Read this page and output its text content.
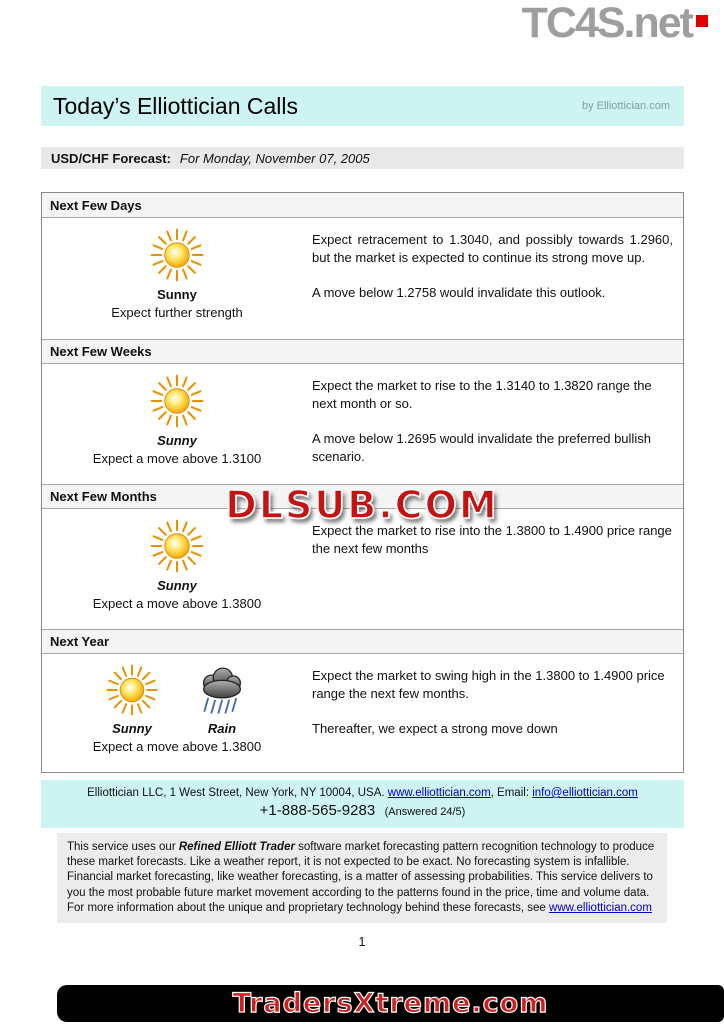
TC4S.net
Today’s Elliottician Calls	by Elliottician.com
USD/CHF Forecast: For Monday, November 07, 2005
Next Few Days
Sunny
Expect further strength

Expect retracement to 1.3040, and possibly towards 1.2960, but the market is expected to continue its strong move up.

A move below 1.2758 would invalidate this outlook.

Next Few Weeks
Sunny
Expect a move above 1.3100

Expect the market to rise to the 1.3140 to 1.3820 range the next month or so.

A move below 1.2695 would invalidate the preferred bullish scenario.

Next Few Months
Sunny
Expect a move above 1.3800

Expect the market to rise into the 1.3800 to 1.4900 price range the next few months

Next Year
Sunny	Rain
Expect a move above 1.3800

Expect the market to swing high in the 1.3800 to 1.4900 price range the next few months.

Thereafter, we expect a strong move down

Elliottician LLC, 1 West Street, New York, NY 10004, USA. www.elliottician.com, Email: info@elliottician.com
+1-888-565-9283 (Answered 24/5)
This service uses our Refined Elliott Trader software market forecasting pattern recognition technology to produce these market forecasts. Like a weather report, it is not expected to be exact. No forecasting system is infallible. Financial market forecasting, like weather forecasting, is a matter of assessing probabilities. This service delivers to you the most probable future market movement according to the patterns found in the price, time and volume data. For more information about the unique and proprietary technology behind these forecasts, see www.elliottician.com
1
DLSUB.COM
TradersXtreme.com
